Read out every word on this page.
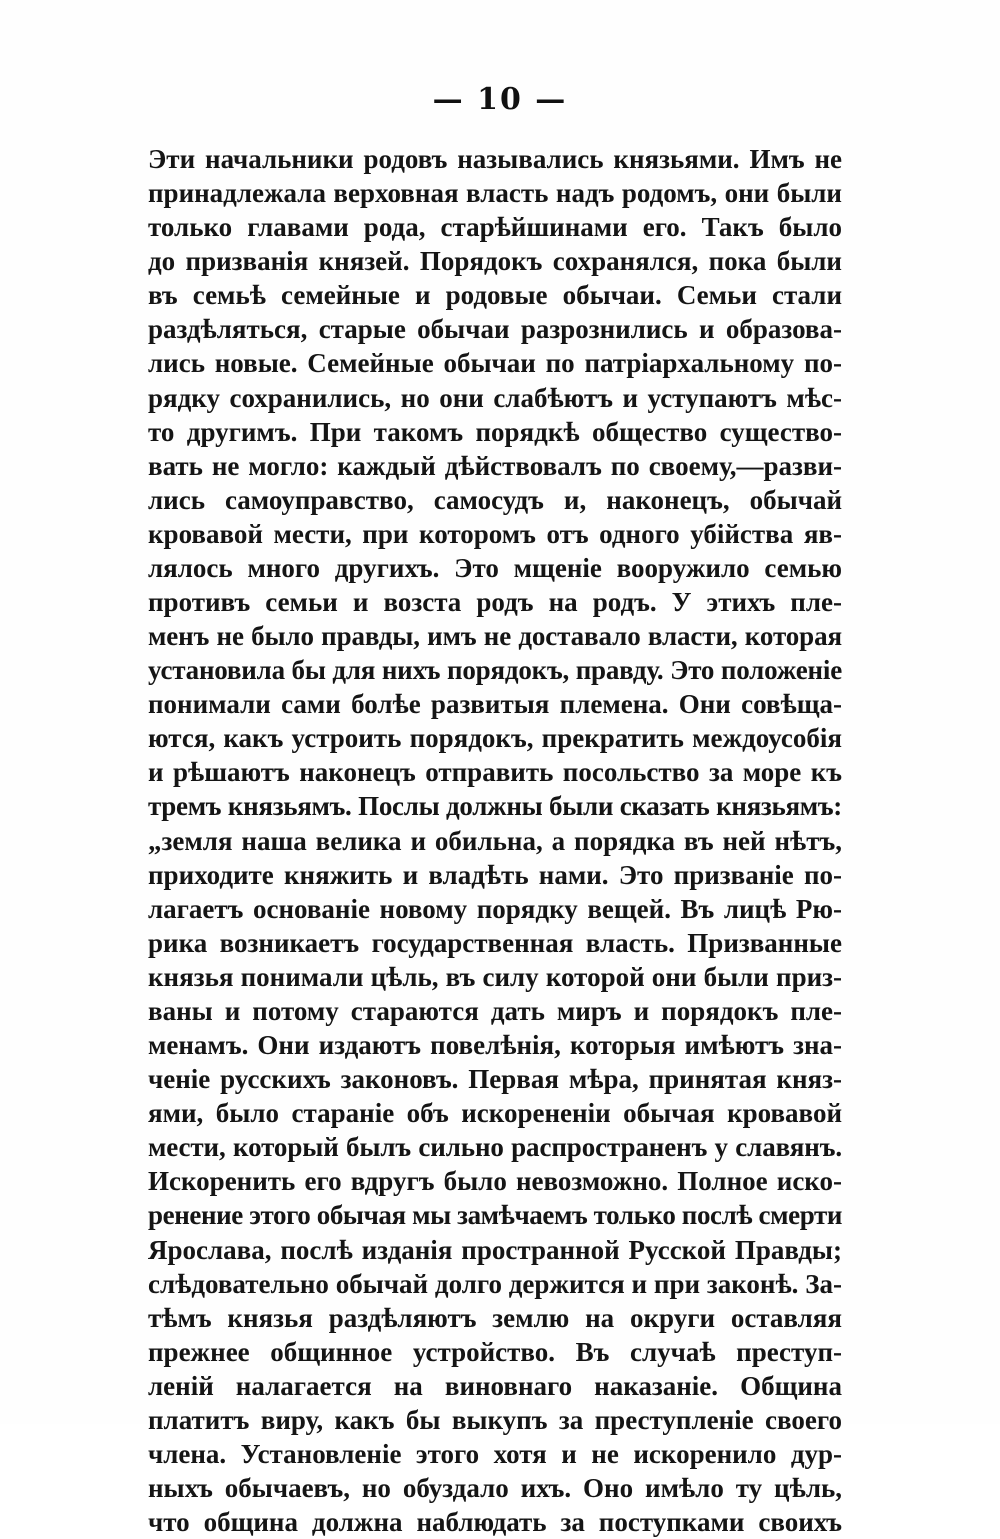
— 10 —
Эти начальники родовъ назывались князьями. Имъ не
принадлежала верховная власть надъ родомъ, они были
только главами рода, старѣйшинами его. Такъ было
до призванія князей. Порядокъ сохранялся, пока были
въ семьѣ семейные и родовые обычаи. Семьи стали
раздѣляться, старые обычаи разрознились и образова-
лись новые. Семейные обычаи по патріархальному по-
рядку сохранились, но они слабѣютъ и уступаютъ мѣс-
то другимъ. При такомъ порядкѣ общество существо-
вать не могло: каждый дѣйствовалъ по своему,—разви-
лись самоуправство, самосудъ и, наконецъ, обычай
кровавой мести, при которомъ отъ одного убійства яв-
лялось много другихъ. Это мщеніе вооружило семью
противъ семьи и возста родъ на родъ. У этихъ пле-
менъ не было правды, имъ не доставало власти, которая
установила бы для нихъ порядокъ, правду. Это положеніе
понимали сами болѣе развитыя племена. Они совѣща-
ются, какъ устроить порядокъ, прекратить междоусобія
и рѣшаютъ наконецъ отправить посольство за море къ
тремъ князьямъ. Послы должны были сказать князьямъ:
„земля наша велика и обильна, а порядка въ ней нѣтъ,
приходите княжить и владѣть нами. Это призваніе по-
лагаетъ основаніе новому порядку вещей. Въ лицѣ Рю-
рика возникаетъ государственная власть. Призванные
князья понимали цѣль, въ силу которой они были приз-
ваны и потому стараются дать миръ и порядокъ пле-
менамъ. Они издаютъ повелѣнія, которыя имѣютъ зна-
ченіе русскихъ законовъ. Первая мѣра, принятая княз-
ями, было стараніе объ искорененіи обычая кровавой
мести, который былъ сильно распространенъ у славянъ.
Искоренить его вдругъ было невозможно. Полное иско-
ренение этого обычая мы замѣчаемъ только послѣ смерти
Ярослава, послѣ изданія пространной Русской Правды;
слѣдовательно обычай долго держится и при законѣ. За-
тѣмъ князья раздѣляютъ землю на округи оставляя
прежнее общинное устройство. Въ случаѣ преступ-
леній налагается на виновнаго наказаніе. Община
платитъ виру, какъ бы выкупъ за преступленіе своего
члена. Установленіе этого хотя и не искоренило дур-
ныхъ обычаевъ, но обуздало ихъ. Оно имѣло ту цѣль,
что община должна наблюдать за поступками своихъ
